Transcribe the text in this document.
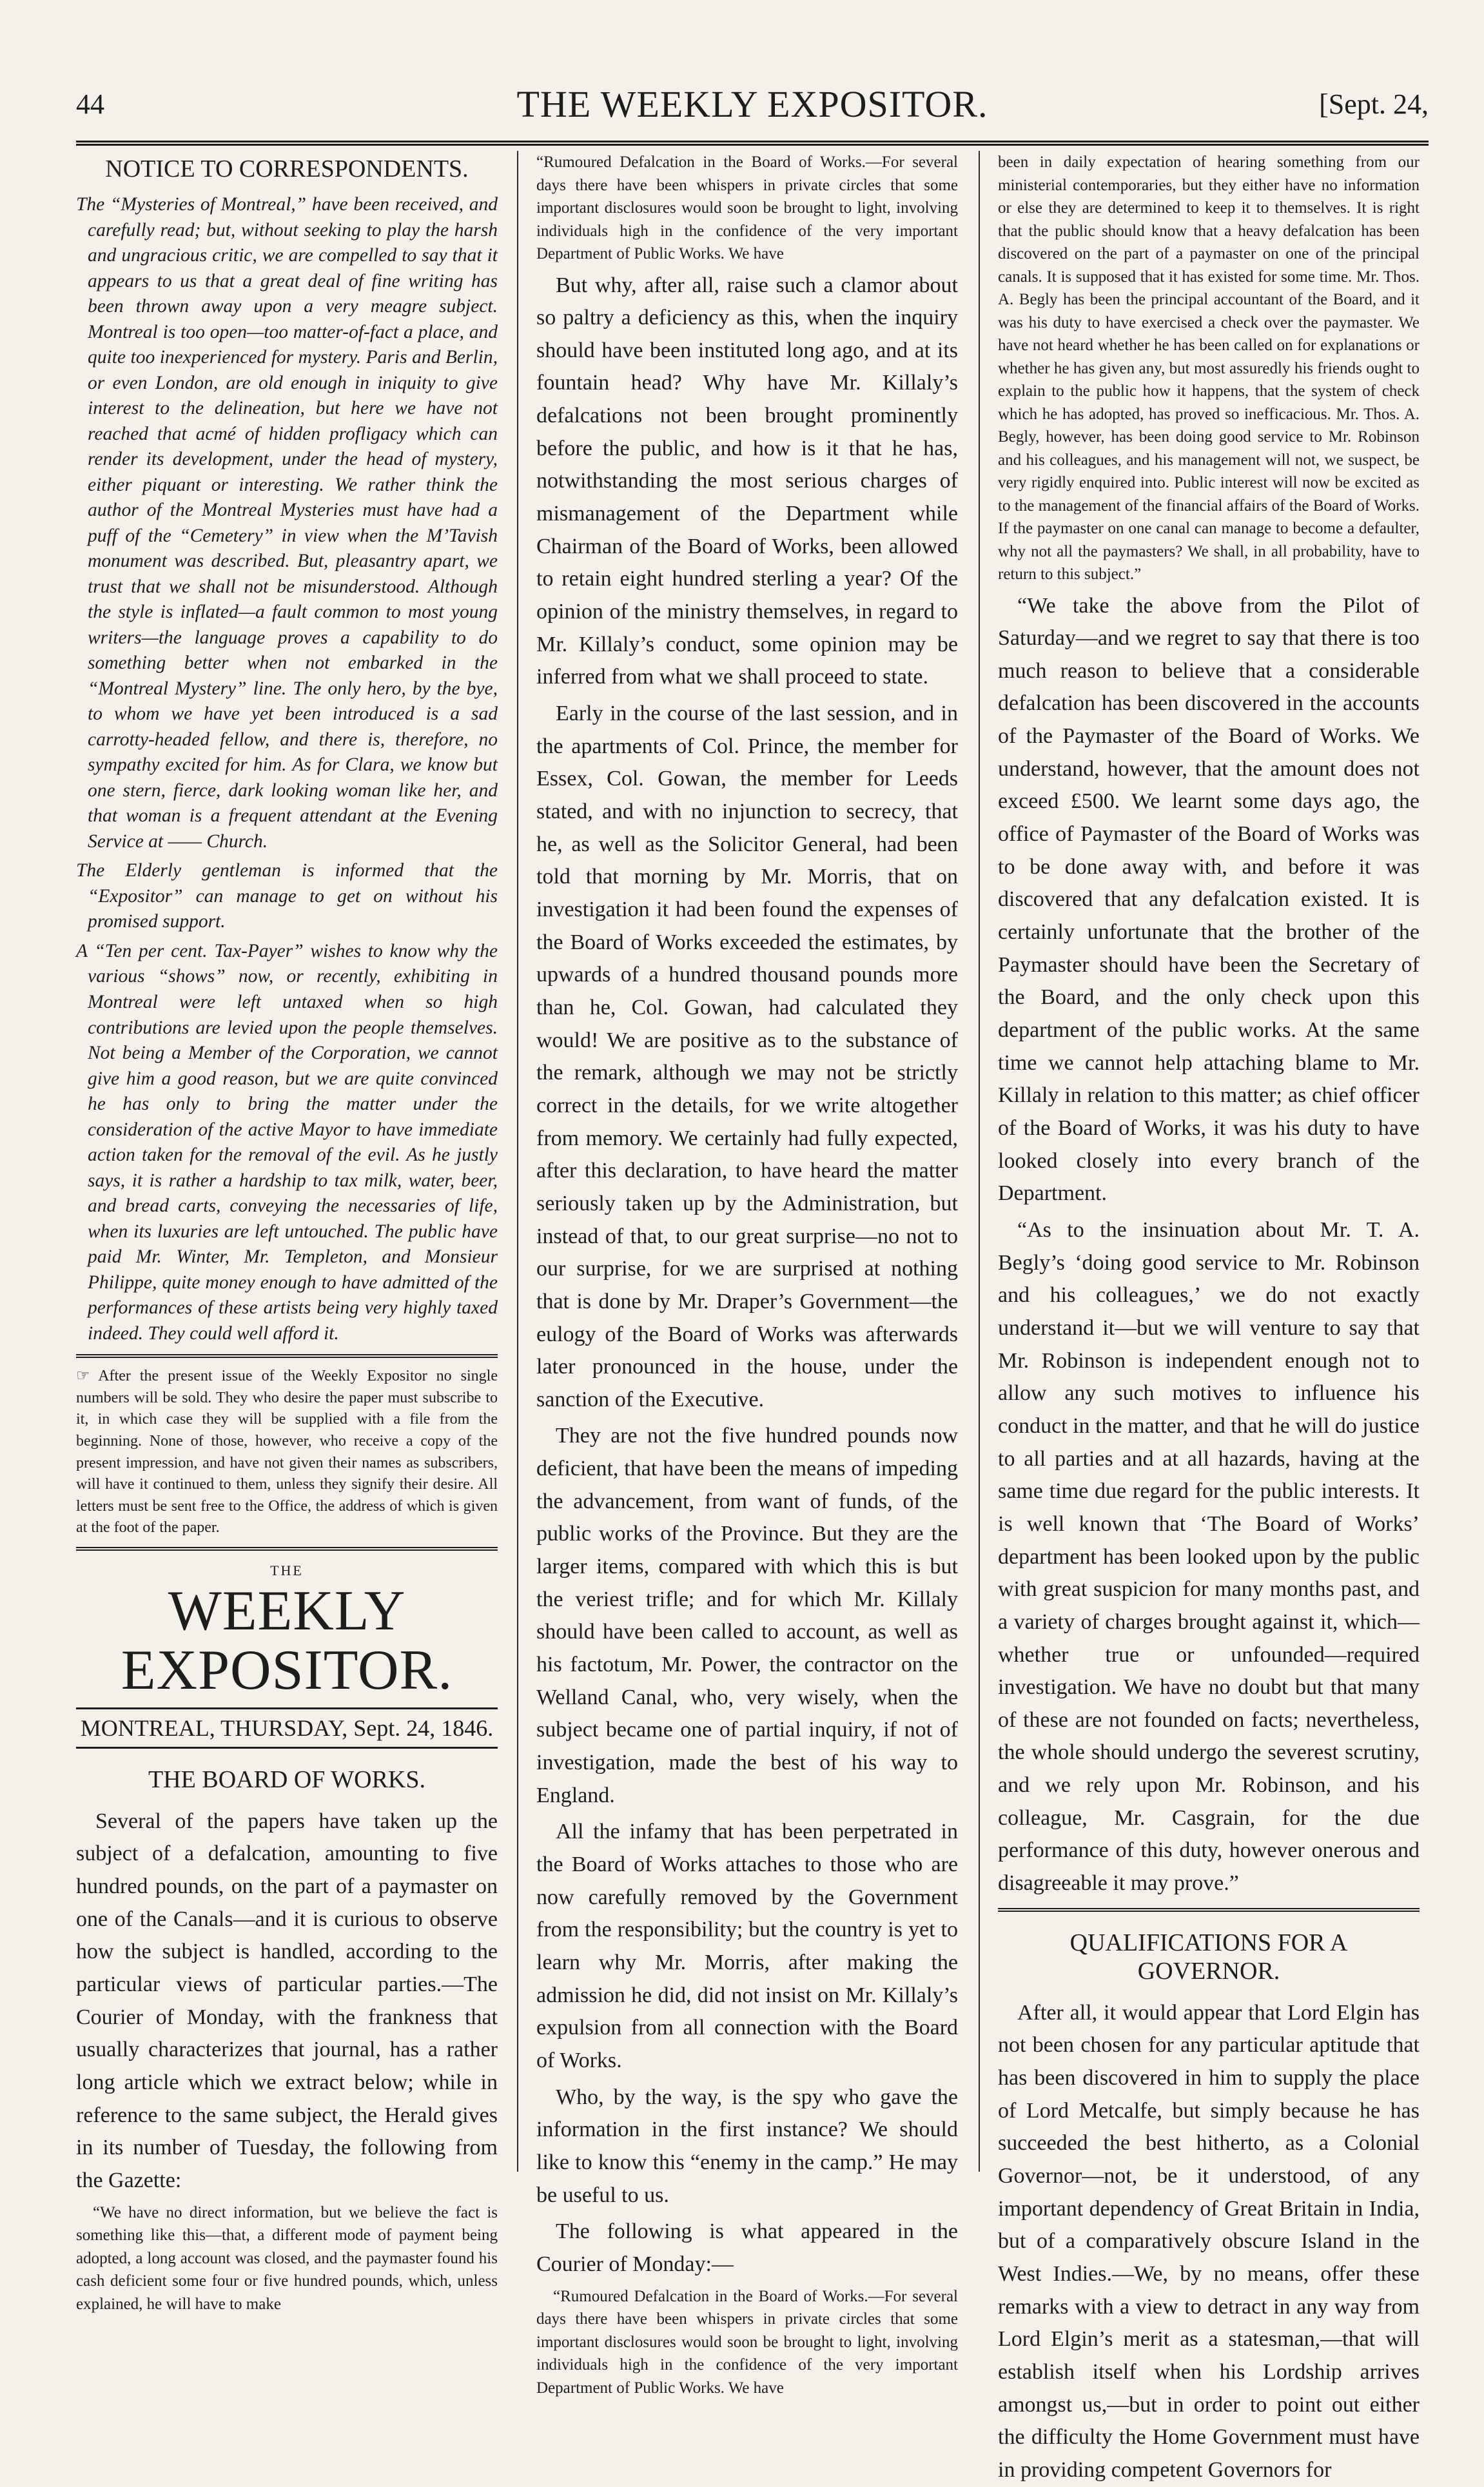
44	THE WEEKLY EXPOSITOR.	[Sept. 24,
NOTICE TO CORRESPONDENTS.

The “Mysteries of Montreal,” have been received, and carefully read; but, without seeking to play the harsh and ungracious critic, we are compelled to say that it appears to us that a great deal of fine writing has been thrown away upon a very meagre subject. Montreal is too open—too matter-of-fact a place, and quite too inexperienced for mystery. Paris and Berlin, or even London, are old enough in iniquity to give interest to the delineation, but here we have not reached that acmé of hidden profligacy which can render its development, under the head of mystery, either piquant or interesting. We rather think the author of the Montreal Mysteries must have had a puff of the “Cemetery” in view when the M’Tavish monument was described. But, pleasantry apart, we trust that we shall not be misunderstood. Although the style is inflated—a fault common to most young writers—the language proves a capability to do something better when not embarked in the “Montreal Mystery” line. The only hero, by the bye, to whom we have yet been introduced is a sad carrotty-headed fellow, and there is, therefore, no sympathy excited for him. As for Clara, we know but one stern, fierce, dark looking woman like her, and that woman is a frequent attendant at the Evening Service at —— Church.

The Elderly gentleman is informed that the “Expositor” can manage to get on without his promised support.

A “Ten per cent. Tax-Payer” wishes to know why the various “shows” now, or recently, exhibiting in Montreal were left untaxed when so high contributions are levied upon the people themselves. Not being a Member of the Corporation, we cannot give him a good reason, but we are quite convinced he has only to bring the matter under the consideration of the active Mayor to have immediate action taken for the removal of the evil. As he justly says, it is rather a hardship to tax milk, water, beer, and bread carts, conveying the necessaries of life, when its luxuries are left untouched. The public have paid Mr. Winter, Mr. Templeton, and Monsieur Philippe, quite money enough to have admitted of the performances of these artists being very highly taxed indeed. They could well afford it.

☞ After the present issue of the Weekly Expositor no single numbers will be sold. They who desire the paper must subscribe to it, in which case they will be supplied with a file from the beginning. None of those, however, who receive a copy of the present impression, and have not given their names as subscribers, will have it continued to them, unless they signify their desire. All letters must be sent free to the Office, the address of which is given at the foot of the paper.

THE
WEEKLY EXPOSITOR.
MONTREAL, THURSDAY, Sept. 24, 1846.
THE BOARD OF WORKS.

Several of the papers have taken up the subject of a defalcation, amounting to five hundred pounds, on the part of a paymaster on one of the Canals—and it is curious to observe how the subject is handled, according to the particular views of particular parties.—The Courier of Monday, with the frankness that usually characterizes that journal, has a rather long article which we extract below; while in reference to the same subject, the Herald gives in its number of Tuesday, the following from the Gazette:

“We have no direct information, but we believe the fact is something like this—that, a different mode of payment being adopted, a long account was closed, and the paymaster found his cash deficient some four or five hundred pounds, which, unless explained, he will have to make

“Rumoured Defalcation in the Board of Works.—For several days there have been whispers in private circles that some important disclosures would soon be brought to light, involving individuals high in the confidence of the very important Department of Public Works. We have

But why, after all, raise such a clamor about so paltry a deficiency as this, when the inquiry should have been instituted long ago, and at its fountain head? Why have Mr. Killaly’s defalcations not been brought prominently before the public, and how is it that he has, notwithstanding the most serious charges of mismanagement of the Department while Chairman of the Board of Works, been allowed to retain eight hundred sterling a year? Of the opinion of the ministry themselves, in regard to Mr. Killaly’s conduct, some opinion may be inferred from what we shall proceed to state.

Early in the course of the last session, and in the apartments of Col. Prince, the member for Essex, Col. Gowan, the member for Leeds stated, and with no injunction to secrecy, that he, as well as the Solicitor General, had been told that morning by Mr. Morris, that on investigation it had been found the expenses of the Board of Works exceeded the estimates, by upwards of a hundred thousand pounds more than he, Col. Gowan, had calculated they would! We are positive as to the substance of the remark, although we may not be strictly correct in the details, for we write altogether from memory. We certainly had fully expected, after this declaration, to have heard the matter seriously taken up by the Administration, but instead of that, to our great surprise—no not to our surprise, for we are surprised at nothing that is done by Mr. Draper’s Government—the eulogy of the Board of Works was afterwards later pronounced in the house, under the sanction of the Executive.

They are not the five hundred pounds now deficient, that have been the means of impeding the advancement, from want of funds, of the public works of the Province. But they are the larger items, compared with which this is but the veriest trifle; and for which Mr. Killaly should have been called to account, as well as his factotum, Mr. Power, the contractor on the Welland Canal, who, very wisely, when the subject became one of partial inquiry, if not of investigation, made the best of his way to England.

All the infamy that has been perpetrated in the Board of Works attaches to those who are now carefully removed by the Government from the responsibility; but the country is yet to learn why Mr. Morris, after making the admission he did, did not insist on Mr. Killaly’s expulsion from all connection with the Board of Works.

Who, by the way, is the spy who gave the information in the first instance? We should like to know this “enemy in the camp.” He may be useful to us.

The following is what appeared in the Courier of Monday:—

“Rumoured Defalcation in the Board of Works.—For several days there have been whispers in private circles that some important disclosures would soon be brought to light, involving individuals high in the confidence of the very important Department of Public Works. We have

been in daily expectation of hearing something from our ministerial contemporaries, but they either have no information or else they are determined to keep it to themselves. It is right that the public should know that a heavy defalcation has been discovered on the part of a paymaster on one of the principal canals. It is supposed that it has existed for some time. Mr. Thos. A. Begly has been the principal accountant of the Board, and it was his duty to have exercised a check over the paymaster. We have not heard whether he has been called on for explanations or whether he has given any, but most assuredly his friends ought to explain to the public how it happens, that the system of check which he has adopted, has proved so inefficacious. Mr. Thos. A. Begly, however, has been doing good service to Mr. Robinson and his colleagues, and his management will not, we suspect, be very rigidly enquired into. Public interest will now be excited as to the management of the financial affairs of the Board of Works. If the paymaster on one canal can manage to become a defaulter, why not all the paymasters? We shall, in all probability, have to return to this subject.”

“We take the above from the Pilot of Saturday—and we regret to say that there is too much reason to believe that a considerable defalcation has been discovered in the accounts of the Paymaster of the Board of Works. We understand, however, that the amount does not exceed £500. We learnt some days ago, the office of Paymaster of the Board of Works was to be done away with, and before it was discovered that any defalcation existed. It is certainly unfortunate that the brother of the Paymaster should have been the Secretary of the Board, and the only check upon this department of the public works. At the same time we cannot help attaching blame to Mr. Killaly in relation to this matter; as chief officer of the Board of Works, it was his duty to have looked closely into every branch of the Department.

“As to the insinuation about Mr. T. A. Begly’s ‘doing good service to Mr. Robinson and his colleagues,’ we do not exactly understand it—but we will venture to say that Mr. Robinson is independent enough not to allow any such motives to influence his conduct in the matter, and that he will do justice to all parties and at all hazards, having at the same time due regard for the public interests. It is well known that ‘The Board of Works’ department has been looked upon by the public with great suspicion for many months past, and a variety of charges brought against it, which—whether true or unfounded—required investigation. We have no doubt but that many of these are not founded on facts; nevertheless, the whole should undergo the severest scrutiny, and we rely upon Mr. Robinson, and his colleague, Mr. Casgrain, for the due performance of this duty, however onerous and disagreeable it may prove.”

QUALIFICATIONS FOR A GOVERNOR.

After all, it would appear that Lord Elgin has not been chosen for any particular aptitude that has been discovered in him to supply the place of Lord Metcalfe, but simply because he has succeeded the best hitherto, as a Colonial Governor—not, be it understood, of any important dependency of Great Britain in India, but of a comparatively obscure Island in the West Indies.—We, by no means, offer these remarks with a view to detract in any way from Lord Elgin’s merit as a statesman,—that will establish itself when his Lordship arrives amongst us,—but in order to point out either the difficulty the Home Government must have in providing competent Governors for
